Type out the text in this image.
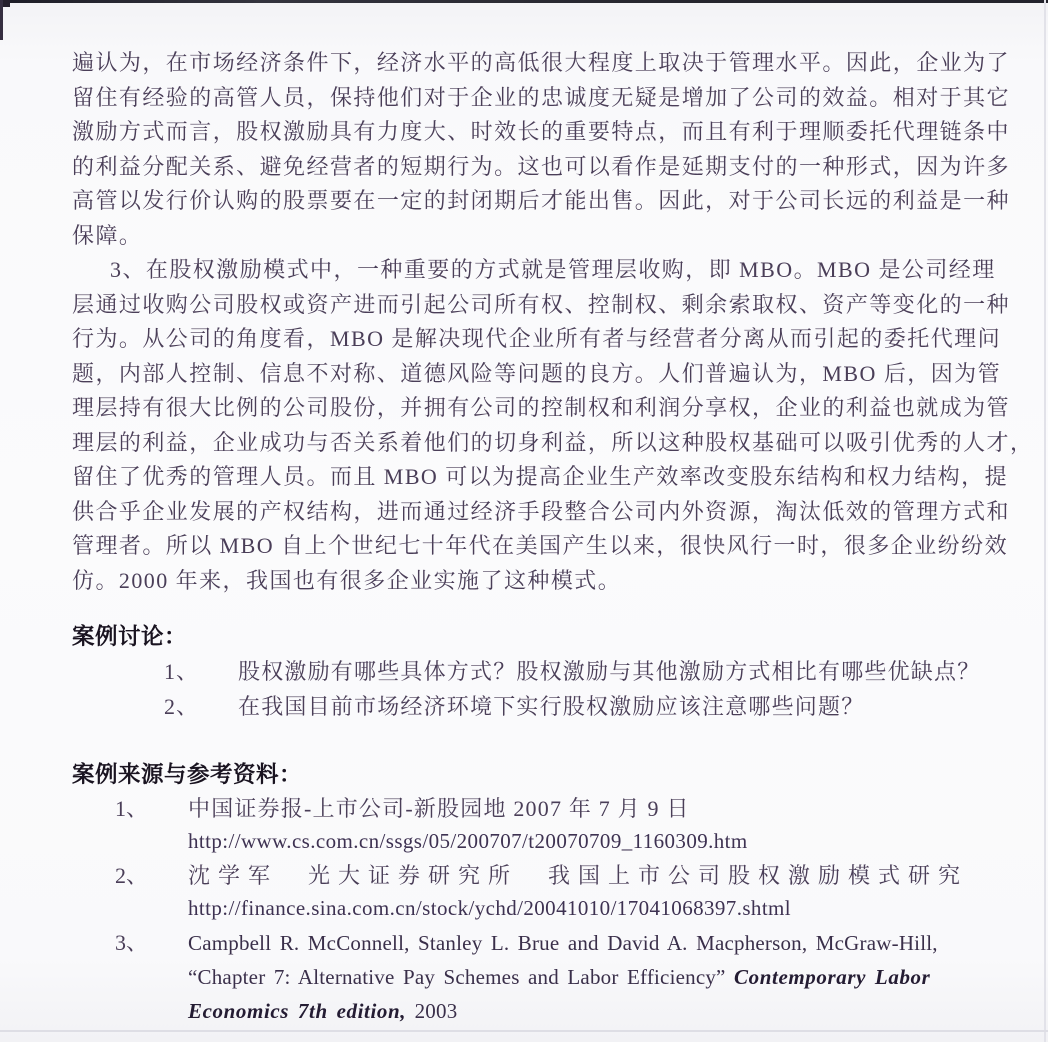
遍认为，在市场经济条件下，经济水平的高低很大程度上取决于管理水平。因此，企业为了
留住有经验的高管人员，保持他们对于企业的忠诚度无疑是增加了公司的效益。相对于其它
激励方式而言，股权激励具有力度大、时效长的重要特点，而且有利于理顺委托代理链条中
的利益分配关系、避免经营者的短期行为。这也可以看作是延期支付的一种形式，因为许多
高管以发行价认购的股票要在一定的封闭期后才能出售。因此，对于公司长远的利益是一种
保障。
3、在股权激励模式中，一种重要的方式就是管理层收购，即 MBO。MBO 是公司经理
层通过收购公司股权或资产进而引起公司所有权、控制权、剩余索取权、资产等变化的一种
行为。从公司的角度看，MBO 是解决现代企业所有者与经营者分离从而引起的委托代理问
题，内部人控制、信息不对称、道德风险等问题的良方。人们普遍认为，MBO 后，因为管
理层持有很大比例的公司股份，并拥有公司的控制权和利润分享权，企业的利益也就成为管
理层的利益，企业成功与否关系着他们的切身利益，所以这种股权基础可以吸引优秀的人才，
留住了优秀的管理人员。而且 MBO 可以为提高企业生产效率改变股东结构和权力结构，提
供合乎企业发展的产权结构，进而通过经济手段整合公司内外资源，淘汰低效的管理方式和
管理者。所以 MBO 自上个世纪七十年代在美国产生以来，很快风行一时，很多企业纷纷效
仿。2000 年来，我国也有很多企业实施了这种模式。
案例讨论：
1、	股权激励有哪些具体方式？股权激励与其他激励方式相比有哪些优缺点？
2、	在我国目前市场经济环境下实行股权激励应该注意哪些问题？
案例来源与参考资料：
1、	中国证券报-上市公司-新股园地 2007 年 7 月 9 日
http://www.cs.com.cn/ssgs/05/200707/t20070709_1160309.htm
2、	沈学军　光大证券研究所　我国上市公司股权激励模式研究
http://finance.sina.com.cn/stock/ychd/20041010/17041068397.shtml
3、	Campbell R. McConnell, Stanley L. Brue and David A. Macpherson, McGraw-Hill,
“Chapter 7: Alternative Pay Schemes and Labor Efficiency” Contemporary Labor
Economics 7th edition, 2003
